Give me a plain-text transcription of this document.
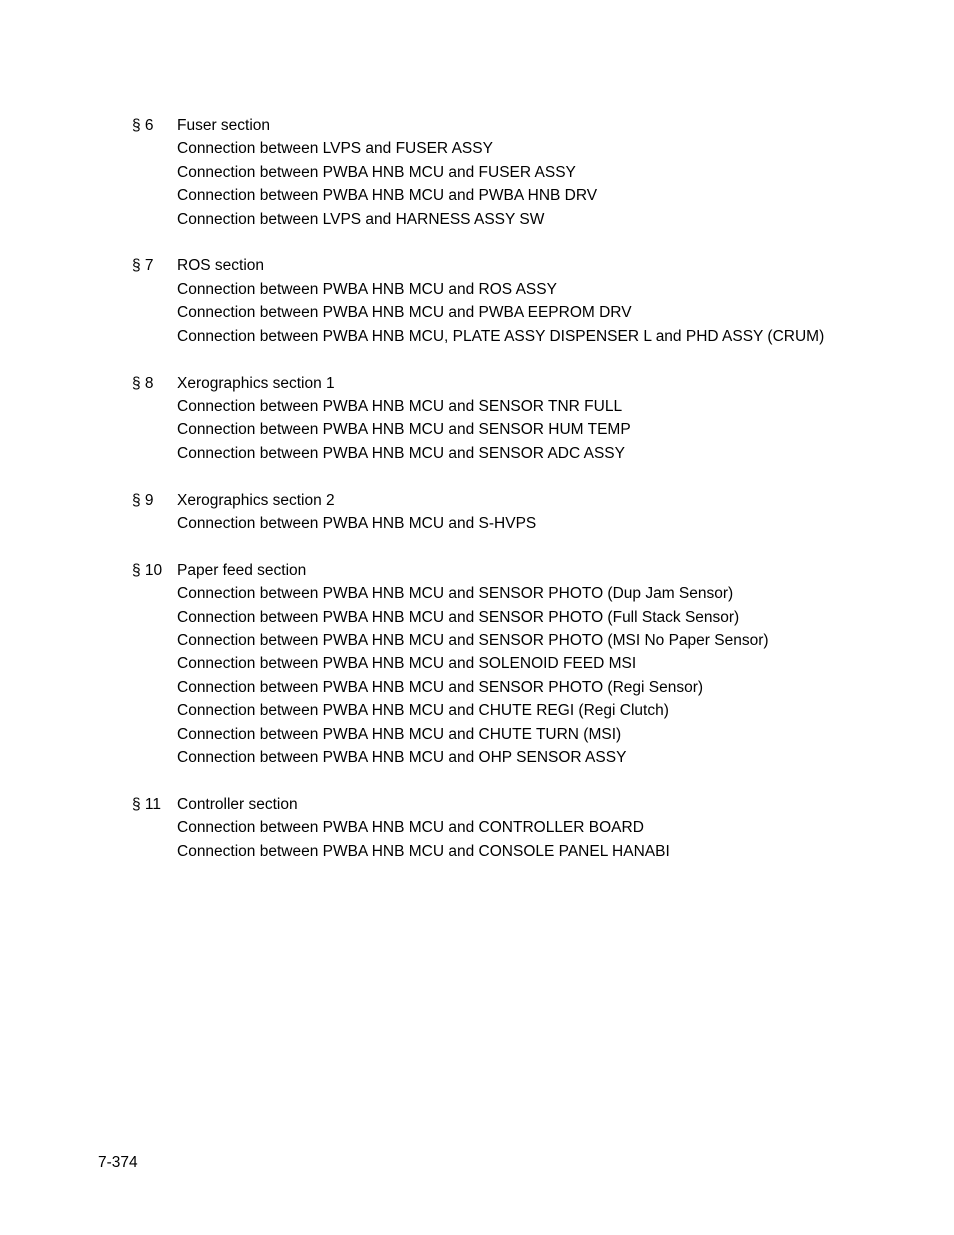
§ 6	Fuser section
Connection between LVPS and FUSER ASSY
Connection between PWBA HNB MCU and FUSER ASSY
Connection between PWBA HNB MCU and PWBA HNB DRV
Connection between LVPS and HARNESS ASSY SW
§ 7	ROS section
Connection between PWBA HNB MCU and ROS ASSY
Connection between PWBA HNB MCU and PWBA EEPROM DRV
Connection between PWBA HNB MCU, PLATE ASSY DISPENSER L and PHD ASSY (CRUM)
§ 8	Xerographics section 1
Connection between PWBA HNB MCU and SENSOR TNR FULL
Connection between PWBA HNB MCU and SENSOR HUM TEMP
Connection between PWBA HNB MCU and SENSOR ADC ASSY
§ 9	Xerographics section 2
Connection between PWBA HNB MCU and S-HVPS
§ 10 Paper feed section
Connection between PWBA HNB MCU and SENSOR PHOTO (Dup Jam Sensor)
Connection between PWBA HNB MCU and SENSOR PHOTO (Full Stack Sensor)
Connection between PWBA HNB MCU and SENSOR PHOTO (MSI No Paper Sensor)
Connection between PWBA HNB MCU and SOLENOID FEED MSI
Connection between PWBA HNB MCU and SENSOR PHOTO (Regi Sensor)
Connection between PWBA HNB MCU and CHUTE REGI (Regi Clutch)
Connection between PWBA HNB MCU and CHUTE TURN (MSI)
Connection between PWBA HNB MCU and OHP SENSOR ASSY
§ 11	Controller section
Connection between PWBA HNB MCU and CONTROLLER BOARD
Connection between PWBA HNB MCU and CONSOLE PANEL HANABI
7-374
